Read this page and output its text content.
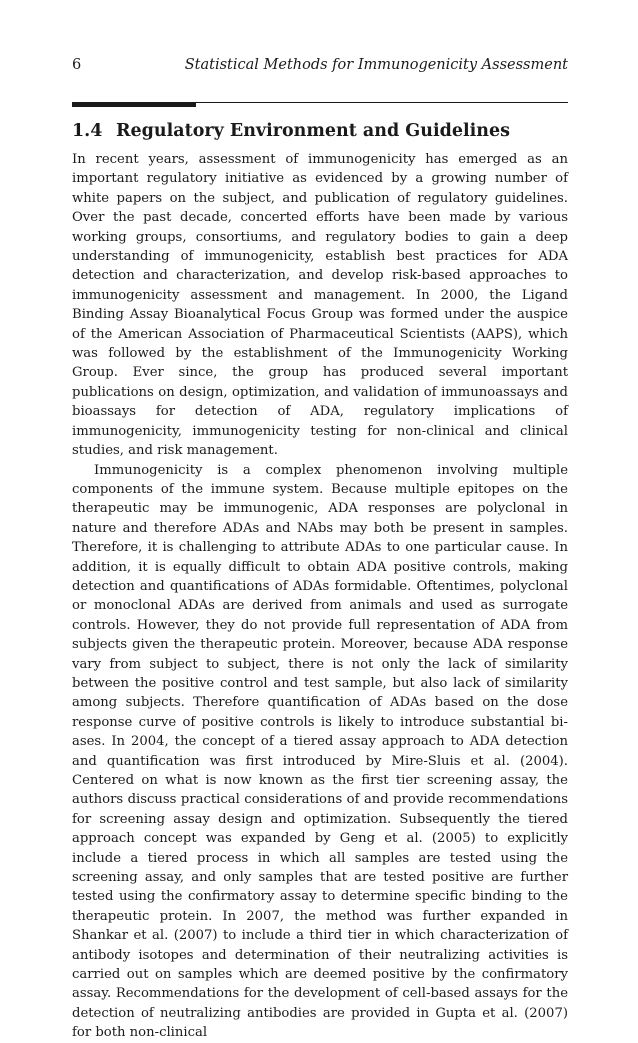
6	Statistical Methods for Immunogenicity Assessment
1.4 Regulatory Environment and Guidelines

In recent years, assessment of immunogenicity has emerged as an important regulatory initiative as evidenced by a growing number of white papers on the subject, and publication of regulatory guidelines. Over the past decade, concerted efforts have been made by various working groups, consortiums, and regulatory bodies to gain a deep understanding of immunogenicity, establish best practices for ADA detection and characterization, and develop risk-based approaches to immunogenicity assessment and management. In 2000, the Ligand Binding Assay Bioanalytical Focus Group was formed under the auspice of the American Association of Pharmaceutical Scientists (AAPS), which was followed by the establishment of the Immunogenicity Working Group. Ever since, the group has produced several important publications on design, optimization, and validation of immunoassays and bioassays for detection of ADA, regulatory implications of immunogenicity, immunogenicity testing for non-clinical and clinical studies, and risk management.

Immunogenicity is a complex phenomenon involving multiple components of the immune system. Because multiple epitopes on the therapeutic may be immunogenic, ADA responses are polyclonal in nature and therefore ADAs and NAbs may both be present in samples. Therefore, it is challenging to attribute ADAs to one particular cause. In addition, it is equally difficult to obtain ADA positive controls, making detection and quantifications of ADAs formidable. Oftentimes, polyclonal or monoclonal ADAs are derived from animals and used as surrogate controls. However, they do not provide full representation of ADA from subjects given the therapeutic protein. Moreover, because ADA response vary from subject to subject, there is not only the lack of similarity between the positive control and test sample, but also lack of similarity among subjects. Therefore quantification of ADAs based on the dose response curve of positive controls is likely to introduce substantial biases. In 2004, the concept of a tiered assay approach to ADA detection and quantification was first introduced by Mire-Sluis et al. (2004). Centered on what is now known as the first tier screening assay, the authors discuss practical considerations of and provide recommendations for screening assay design and optimization. Subsequently the tiered approach concept was expanded by Geng et al. (2005) to explicitly include a tiered process in which all samples are tested using the screening assay, and only samples that are tested positive are further tested using the confirmatory assay to determine specific binding to the therapeutic protein. In 2007, the method was further expanded in Shankar et al. (2007) to include a third tier in which characterization of antibody isotopes and determination of their neutralizing activities is carried out on samples which are deemed positive by the confirmatory assay. Recommendations for the development of cell-based assays for the detection of neutralizing antibodies are provided in Gupta et al. (2007) for both non-clinical
